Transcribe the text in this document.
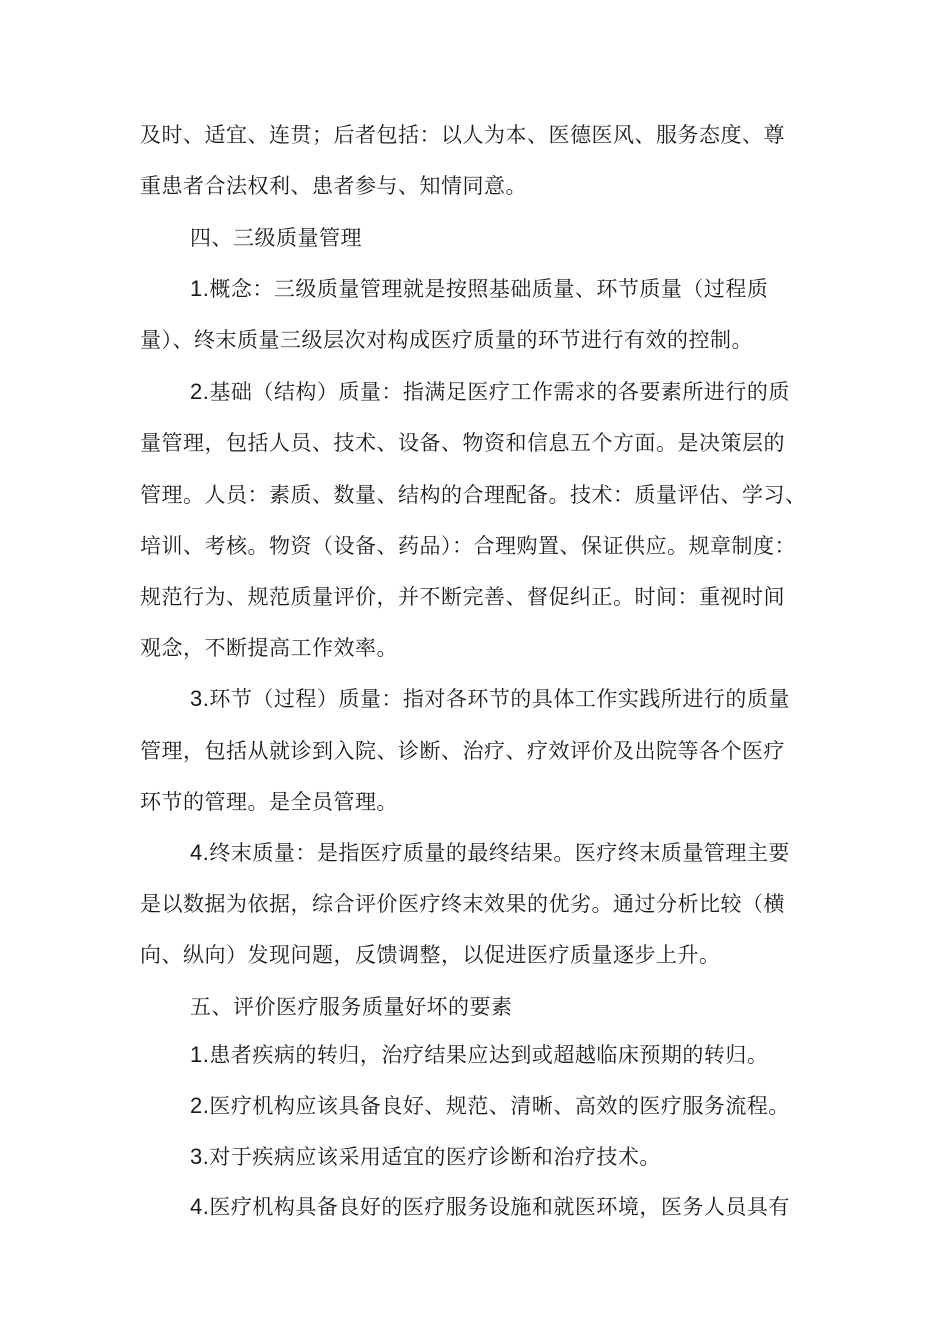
及时、适宜、连贯；后者包括：以人为本、医德医风、服务态度、尊
重患者合法权利、患者参与、知情同意。
四、三级质量管理
1.概念：三级质量管理就是按照基础质量、环节质量（过程质
量）、终末质量三级层次对构成医疗质量的环节进行有效的控制。
2.基础（结构）质量：指满足医疗工作需求的各要素所进行的质
量管理，包括人员、技术、设备、物资和信息五个方面。是决策层的
管理。人员：素质、数量、结构的合理配备。技术：质量评估、学习、
培训、考核。物资（设备、药品）：合理购置、保证供应。规章制度：
规范行为、规范质量评价，并不断完善、督促纠正。时间：重视时间
观念，不断提高工作效率。
3.环节（过程）质量：指对各环节的具体工作实践所进行的质量
管理，包括从就诊到入院、诊断、治疗、疗效评价及出院等各个医疗
环节的管理。是全员管理。
4.终末质量：是指医疗质量的最终结果。医疗终末质量管理主要
是以数据为依据，综合评价医疗终末效果的优劣。通过分析比较（横
向、纵向）发现问题，反馈调整，以促进医疗质量逐步上升。
五、评价医疗服务质量好坏的要素
1.患者疾病的转归，治疗结果应达到或超越临床预期的转归。
2.医疗机构应该具备良好、规范、清晰、高效的医疗服务流程。
3.对于疾病应该采用适宜的医疗诊断和治疗技术。
4.医疗机构具备良好的医疗服务设施和就医环境，医务人员具有
